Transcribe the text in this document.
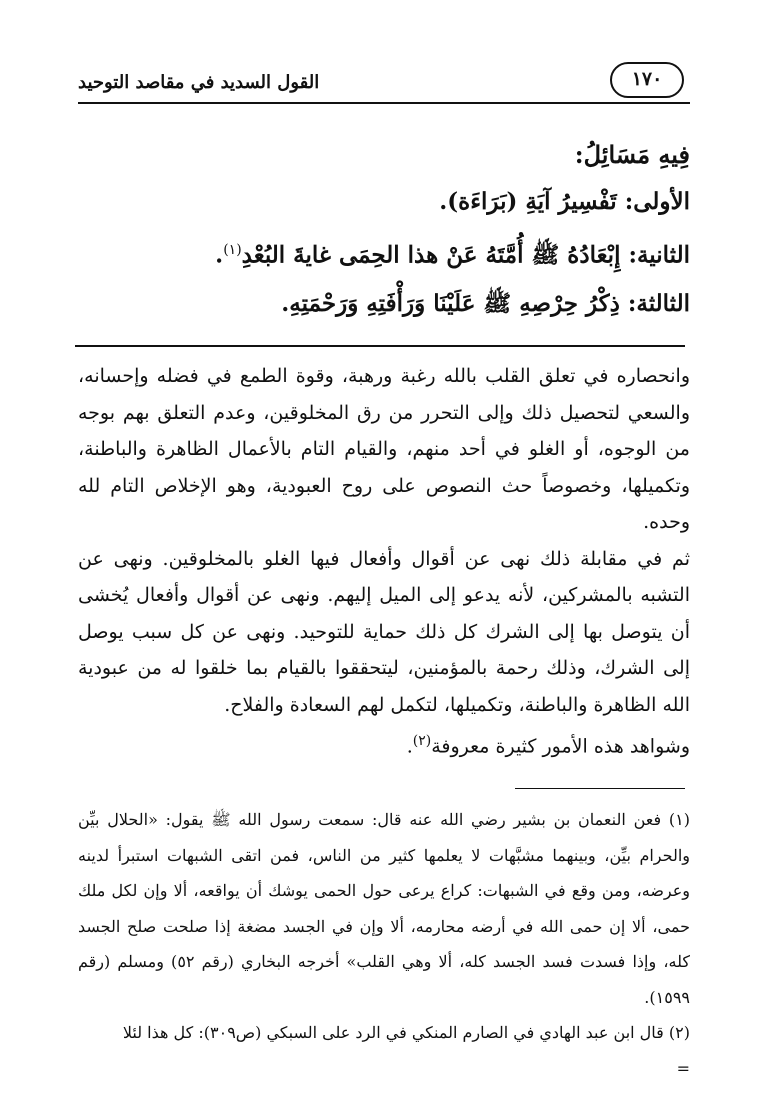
القول السديد في مقاصد التوحيد	١٧٠
فِيهِ مَسَائِلُ:
الأولى: تَفْسِيرُ آيَةِ (بَرَاءَة).
الثانية: إِبْعَادُهُ ﷺ أُمَّتَهُ عَنْ هذا الحِمَى غايةَ البُعْدِ$^{(١)}$.
الثالثة: ذِكْرُ حِرْصِهِ ﷺ عَلَيْنَا وَرَأْفَتِهِ وَرَحْمَتِهِ.

وانحصاره في تعلق القلب بالله رغبة ورهبة، وقوة الطمع في فضله وإحسانه، والسعي لتحصيل ذلك وإلى التحرر من رق المخلوقين، وعدم التعلق بهم بوجه من الوجوه، أو الغلو في أحد منهم، والقيام التام بالأعمال الظاهرة والباطنة، وتكميلها، وخصوصاً حث النصوص على روح العبودية، وهو الإخلاص التام لله وحده.

ثم في مقابلة ذلك نهى عن أقوال وأفعال فيها الغلو بالمخلوقين. ونهى عن التشبه بالمشركين، لأنه يدعو إلى الميل إليهم. ونهى عن أقوال وأفعال يُخشى أن يتوصل بها إلى الشرك كل ذلك حماية للتوحيد. ونهى عن كل سبب يوصل إلى الشرك، وذلك رحمة بالمؤمنين، ليتحققوا بالقيام بما خلقوا له من عبودية الله الظاهرة والباطنة، وتكميلها، لتكمل لهم السعادة والفلاح.

وشواهد هذه الأمور كثيرة معروفة$^{(٢)}$.

(١) فعن النعمان بن بشير رضي الله عنه قال: سمعت رسول الله ﷺ يقول: «الحلال بيِّن والحرام بيِّن، وبينهما مشبَّهات لا يعلمها كثير من الناس، فمن اتقى الشبهات استبرأ لدينه وعرضه، ومن وقع في الشبهات: كراع يرعى حول الحمى يوشك أن يواقعه، ألا وإن لكل ملك حمى، ألا إن حمى الله في أرضه محارمه، ألا وإن في الجسد مضغة إذا صلحت صلح الجسد كله، وإذا فسدت فسد الجسد كله، ألا وهي القلب» أخرجه البخاري (رقم ٥٢) ومسلم (رقم ١٥٩٩).

(٢) قال ابن عبد الهادي في الصارم المنكي في الرد على السبكي (ص٣٠٩): كل هذا لئلا

=
